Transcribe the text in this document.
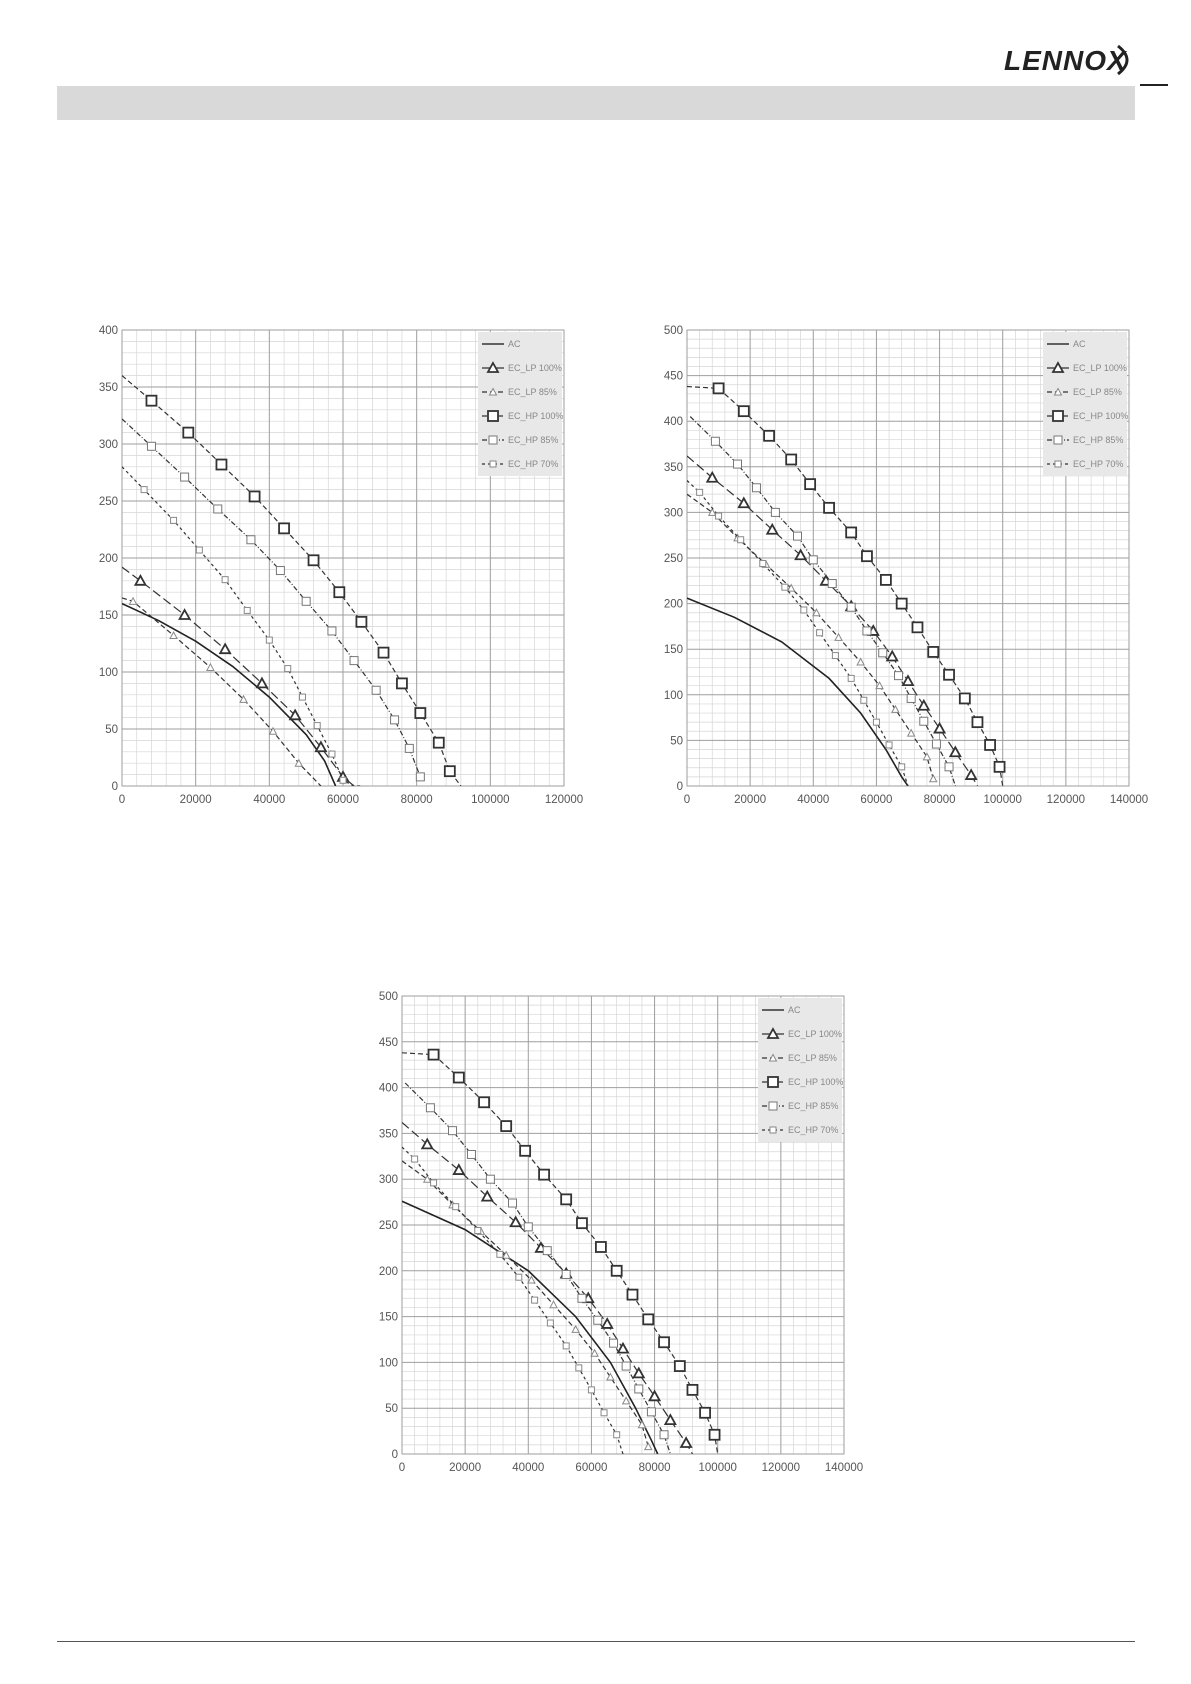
LENNOX
0	20000	40000	60000	80000	100000	120000
0
50
100
150
200
250
300
350
400
AC
EC_LP 100%
EC_LP 85%
EC_HP 100%
EC_HP 85%
EC_HP 70%
0	20000	40000	60000	80000 100000 120000 140000
0
50
100
150
200
250
300
350
400
450
500
AC
EC_LP 100%
EC_LP 85%
EC_HP 100%
EC_HP 85%
EC_HP 70%
0	20000	40000	60000	80000 100000 120000 140000
0
50
100
150
200
250
300
350
400
450
500
AC
EC_LP 100%
EC_LP 85%
EC_HP 100%
EC_HP 85%
EC_HP 70%
